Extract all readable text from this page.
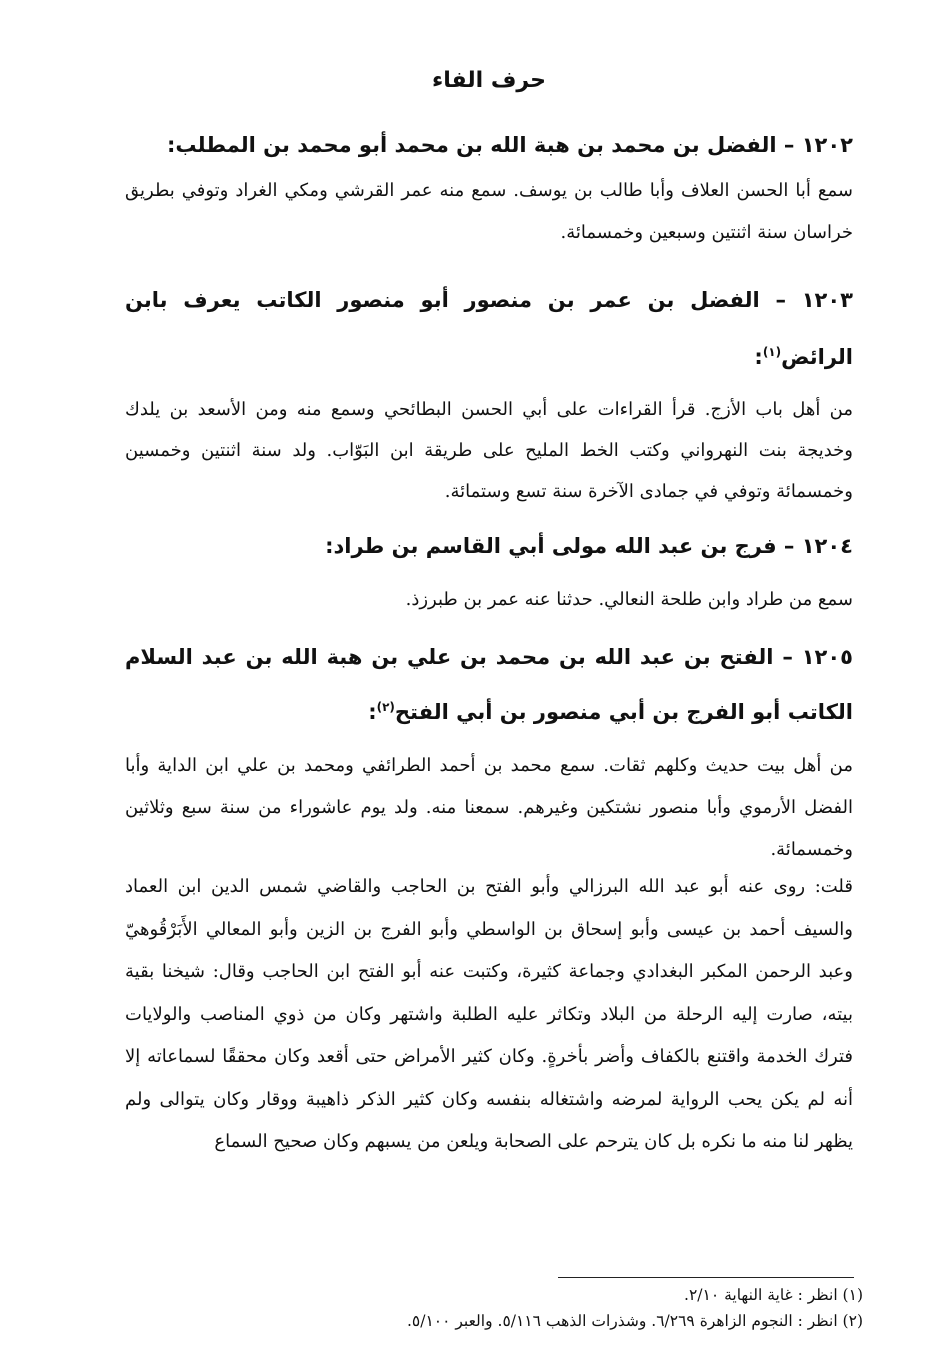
حرف الفاء
١٢٠٢ – الفضل بن محمد بن هبة الله بن محمد أبو محمد بن المطلب:
سمع أبا الحسن العلاف وأبا طالب بن يوسف. سمع منه عمر القرشي ومكي الغراد وتوفي بطريق خراسان سنة اثنتين وسبعين وخمسمائة.
١٢٠٣ – الفضل بن عمر بن منصور أبو منصور الكاتب يعرف بابن الرائض$^{(١)}$:
من أهل باب الأزج. قرأ القراءات على أبي الحسن البطائحي وسمع منه ومن الأسعد بن يلدك وخديجة بنت النهرواني وكتب الخط المليح على طريقة ابن البَوّاب. ولد سنة اثنتين وخمسين وخمسمائة وتوفي في جمادى الآخرة سنة تسع وستمائة.
١٢٠٤ – فرج بن عبد الله مولى أبي القاسم بن طراد:
سمع من طراد وابن طلحة النعالي. حدثنا عنه عمر بن طبرزذ.
١٢٠٥ – الفتح بن عبد الله بن محمد بن علي بن هبة الله بن عبد السلام الكاتب أبو الفرج بن أبي منصور بن أبي الفتح$^{(٢)}$:
من أهل بيت حديث وكلهم ثقات. سمع محمد بن أحمد الطرائفي ومحمد بن علي ابن الداية وأبا الفضل الأرموي وأبا منصور نشتكين وغيرهم. سمعنا منه. ولد يوم عاشوراء من سنة سبع وثلاثين وخمسمائة.
قلت: روى عنه أبو عبد الله البرزالي وأبو الفتح بن الحاجب والقاضي شمس الدين ابن العماد والسيف أحمد بن عيسى وأبو إسحاق بن الواسطي وأبو الفرج بن الزين وأبو المعالي الأَبَرْقُوهيّ وعبد الرحمن المكبر البغدادي وجماعة كثيرة، وكتبت عنه أبو الفتح ابن الحاجب وقال: شيخنا بقية بيته، صارت إليه الرحلة من البلاد وتكاثر عليه الطلبة واشتهر وكان من ذوي المناصب والولايات فترك الخدمة واقتنع بالكفاف وأضر بأخرةٍ. وكان كثير الأمراض حتى أقعد وكان محققًا لسماعاته إلا أنه لم يكن يحب الرواية لمرضه واشتغاله بنفسه وكان كثير الذكر ذاهيبة ووقار وكان يتوالى ولم يظهر لنا منه ما نكره بل كان يترحم على الصحابة ويلعن من يسبهم وكان صحيح السماع
(١) انظر : غاية النهاية ٢/١٠.
(٢) انظر : النجوم الزاهرة ٦/٢٦٩. وشذرات الذهب ٥/١١٦. والعبر ٥/١٠٠.
